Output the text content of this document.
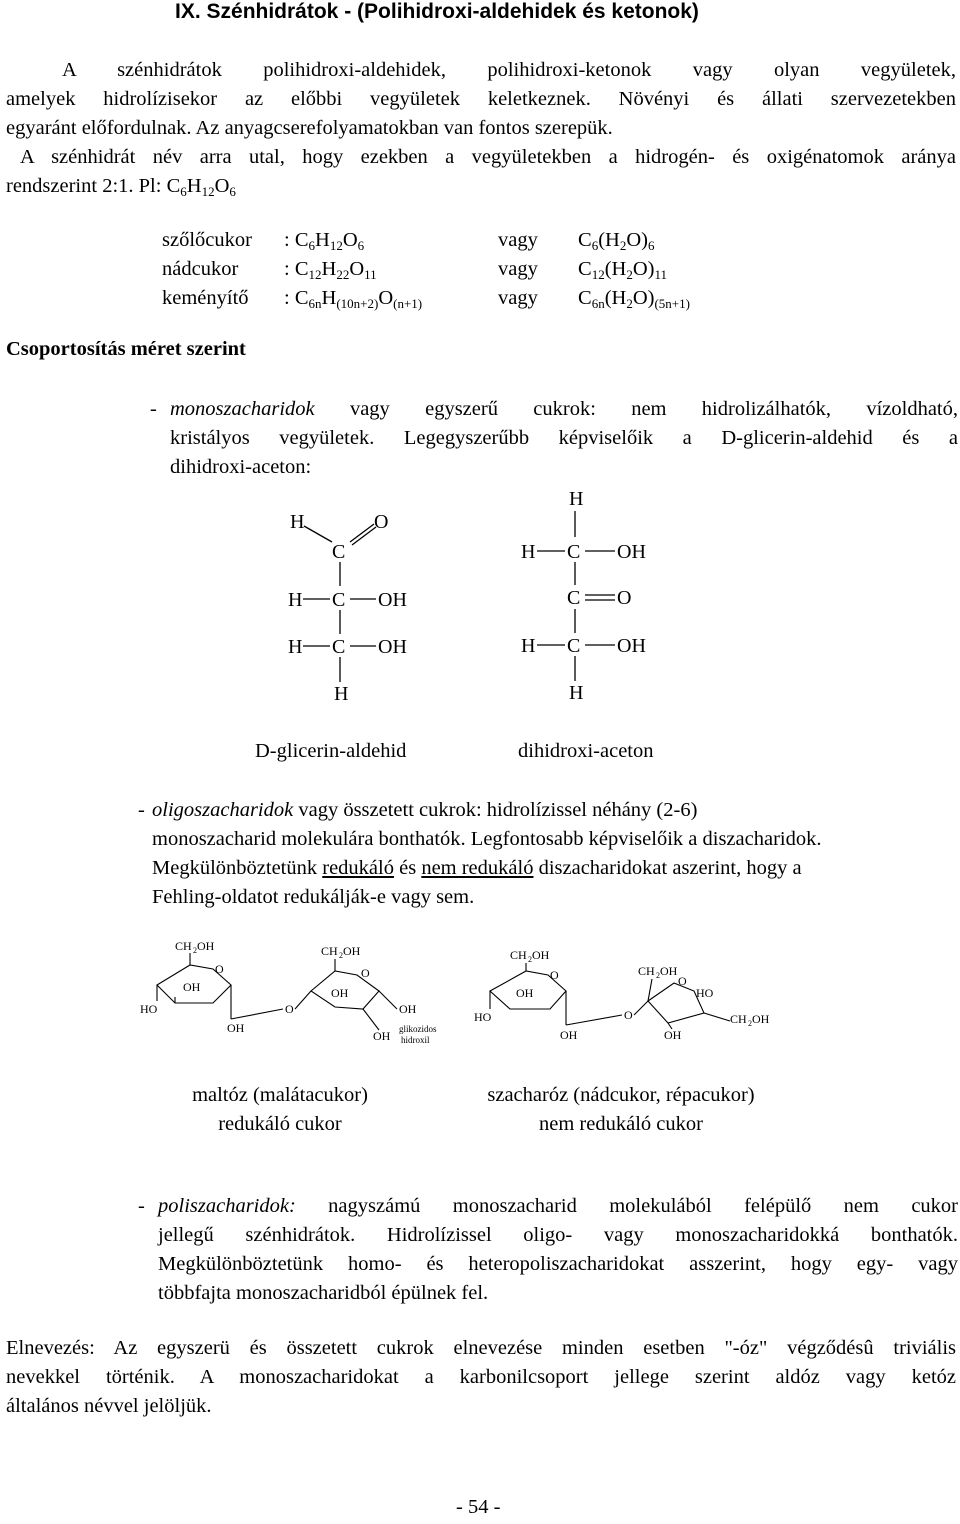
IX. Szénhidrátok - (Polihidroxi-aldehidek és ketonok)
A szénhidrátok polihidroxi-aldehidek, polihidroxi-ketonok vagy olyan vegyületek,
amelyek hidrolízisekor az előbbi vegyületek keletkeznek. Növényi és állati szervezetekben
egyaránt előfordulnak. Az anyagcserefolyamatokban van fontos szerepük.
A szénhidrát név arra utal, hogy ezekben a vegyületekben a hidrogén- és oxigénatomok aránya
rendszerint 2:1. Pl: $C_6H_{12}O_6$
szőlőcukor : $C_6H_{12}O_6$	vagy $C_6(H_2O)_6$
nádcukor : $C_{12}H_{22}O_{11}$	vagy $C_{12}(H_2O)_{11}$
keményítő : $C_{6n}H_{(10n+2)}O_{(n+1)}$	vagy $C_{6n}(H_2O)_{(5n+1)}$
Csoportosítás méret szerint
- monoszacharidok vagy egyszerű cukrok: nem hidrolizálhatók, vízoldható,
kristályos vegyületek. Legegyszerűbb képviselőik a D-glicerin-aldehid és a
dihidroxi-aceton:
H	O
C
H C OH
H C OH
H
H
H C OH
C O
H C OH
H
D-glicerin-aldehid	dihidroxi-aceton
- oligoszacharidok vagy összetett cukrok: hidrolízissel néhány (2-6)
monoszacharid molekulára bonthatók. Legfontosabb képviselőik a diszacharidok.
Megkülönböztetünk redukáló és nem redukáló diszacharidokat aszerint, hogy a
Fehling-oldatot redukálják-e vagy sem.
CH 2 OH
O
OH
HO
OH
O
CH 2 OH
O
OH
OH
OH glikozidos
hidroxil
CH 2 OH
O
OH
HO
OH
O
CH 2 OH
O
HO
CH 2 OH
OH
maltóz (malátacukor)
redukáló cukor
szacharóz (nádcukor, répacukor)
nem redukáló cukor
- poliszacharidok: nagyszámú monoszacharid molekulából felépülő nem cukor
jellegű szénhidrátok. Hidrolízissel oligo- vagy monoszacharidokká bonthatók.
Megkülönböztetünk homo- és heteropoliszacharidokat asszerint, hogy egy- vagy
többfajta monoszacharidból épülnek fel.
Elnevezés: Az egyszerü és összetett cukrok elnevezése minden esetben "-óz" végződésû triviális
nevekkel történik. A monoszacharidokat a karbonilcsoport jellege szerint aldóz vagy ketóz
általános névvel jelöljük.
- 54 -
